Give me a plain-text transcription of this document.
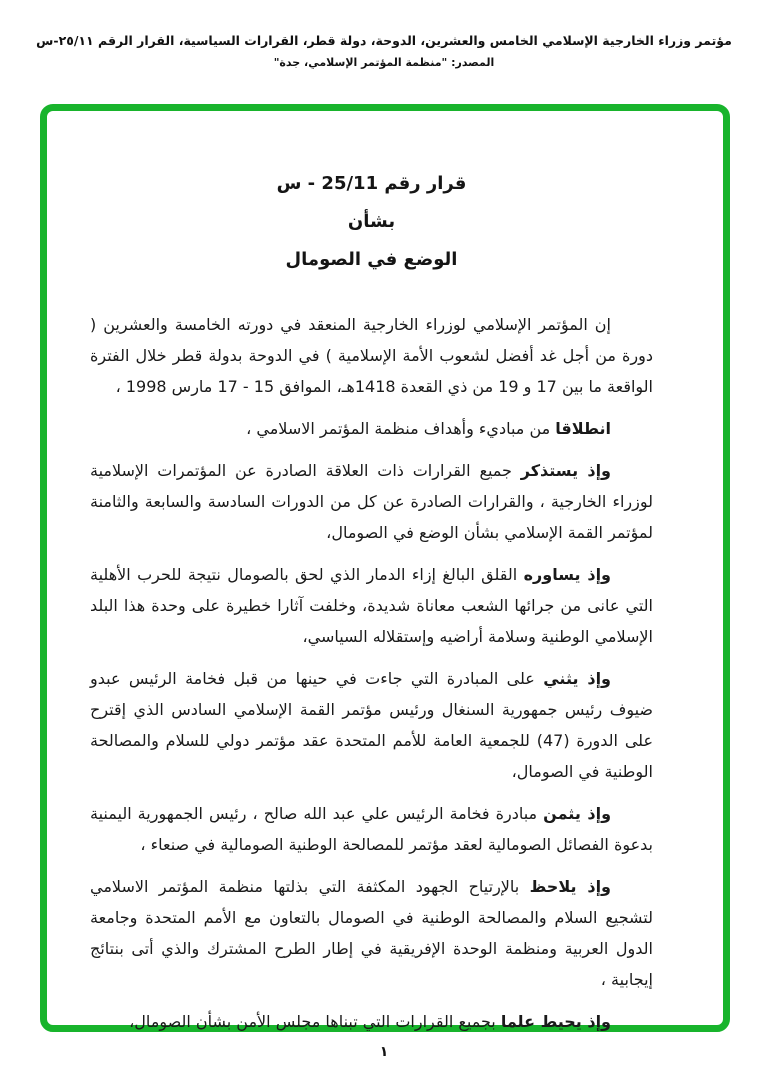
مؤتمر وزراء الخارجية الإسلامي الخامس والعشرين، الدوحة، دولة قطر، القرارات السياسية، القرار الرقم ٢٥/١١-س
المصدر: "منظمة المؤتمر الإسلامي، جدة"
قرار رقم 25/11 - س
بشأن
الوضع في الصومال

إن المؤتمر الإسلامي لوزراء الخارجية المنعقد في دورته الخامسة والعشرين ( دورة من أجل غد أفضل لشعوب الأمة الإسلامية ) في الدوحة بدولة قطر خلال الفترة الواقعة ما بين 17 و 19 من ذي القعدة 1418هـ، الموافق 15 - 17 مارس 1998 ،

انطلاقا من مباديء وأهداف منظمة المؤتمر الاسلامي ،

وإذ يستذكر جميع القرارات ذات العلاقة الصادرة عن المؤتمرات الإسلامية لوزراء الخارجية ، والقرارات الصادرة عن كل من الدورات السادسة والسابعة والثامنة لمؤتمر القمة الإسلامي بشأن الوضع في الصومال،

وإذ يساوره القلق البالغ إزاء الدمار الذي لحق بالصومال نتيجة للحرب الأهلية التي عانى من جرائها الشعب معاناة شديدة، وخلفت آثارا خطيرة على وحدة هذا البلد الإسلامي الوطنية وسلامة أراضيه وإستقلاله السياسي،

وإذ يثني على المبادرة التي جاءت في حينها من قبل فخامة الرئيس عبدو ضيوف رئيس جمهورية السنغال ورئيس مؤتمر القمة الإسلامي السادس الذي إقترح على الدورة (47) للجمعية العامة للأمم المتحدة عقد مؤتمر دولي للسلام والمصالحة الوطنية في الصومال،

وإذ يثمن مبادرة فخامة الرئيس علي عبد الله صالح ، رئيس الجمهورية اليمنية بدعوة الفصائل الصومالية لعقد مؤتمر للمصالحة الوطنية الصومالية في صنعاء ،

وإذ يلاحظ بالإرتياح الجهود المكثفة التي بذلتها منظمة المؤتمر الاسلامي لتشجيع السلام والمصالحة الوطنية في الصومال بالتعاون مع الأمم المتحدة وجامعة الدول العربية ومنظمة الوحدة الإفريقية في إطار الطرح المشترك والذي أتى بنتائج إيجابية ،

وإذ يحيط علما بجميع القرارات التي تبناها مجلس الأمن بشأن الصومال،

١
